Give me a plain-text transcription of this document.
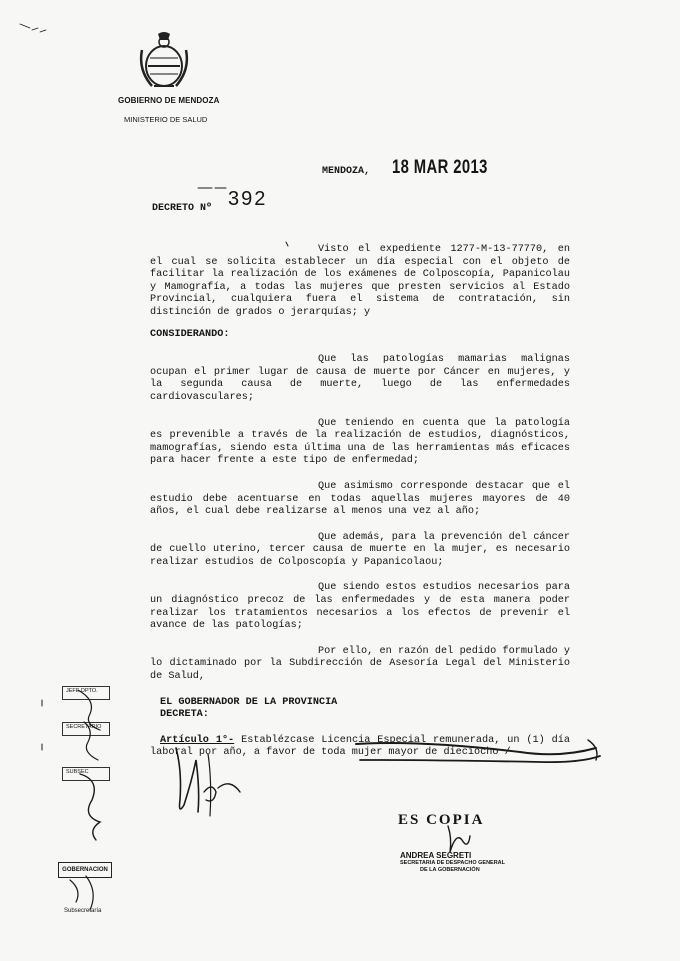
GOBIERNO DE MENDOZA
MINISTERIO DE SALUD
MENDOZA, 18 MAR 2013
DECRETO Nº 392

Visto el expediente 1277-M-13-77770, en el cual se solicita establecer un día especial con el objeto de facilitar la realización de los exámenes de Colposcopía, Papanicolau y Mamografía, a todas las mujeres que presten servicios al Estado Provincial, cualquiera fuera el sistema de contratación, sin distinción de grados o jerarquías; y

CONSIDERANDO:

Que las patologías mamarias malignas ocupan el primer lugar de causa de muerte por Cáncer en mujeres, y la segunda causa de muerte, luego de las enfermedades cardiovasculares;

Que teniendo en cuenta que la patología es prevenible a través de la realización de estudios, diagnósticos, mamografías, siendo esta última una de las herramientas más eficaces para hacer frente a este tipo de enfermedad;

Que asimismo corresponde destacar que el estudio debe acentuarse en todas aquellas mujeres mayores de 40 años, el cual debe realizarse al menos una vez al año;

Que además, para la prevención del cáncer de cuello uterino, tercer causa de muerte en la mujer, es necesario realizar estudios de Colposcopía y Papanicolaou;

Que siendo estos estudios necesarios para un diagnóstico precoz de las enfermedades y de esta manera poder realizar los tratamientos necesarios a los efectos de prevenir el avance de las patologías;

Por ello, en razón del pedido formulado y lo dictaminado por la Subdirección de Asesoría Legal del Ministerio de Salud,

EL GOBERNADOR DE LA PROVINCIA

DECRETA:

Artículo 1°- Establézcase Licencia Especial remunerada, un (1) día laboral por año, a favor de toda mujer mayor de dieciocho /

JEFE DPTO.
SECRETARIO
SUBSEC
GOBERNACION
Subsecretaría
ES COPIA
ANDREA SEGRETI
SECRETARIA DE DESPACHO GENERAL
DE LA GOBERNACIÓN
